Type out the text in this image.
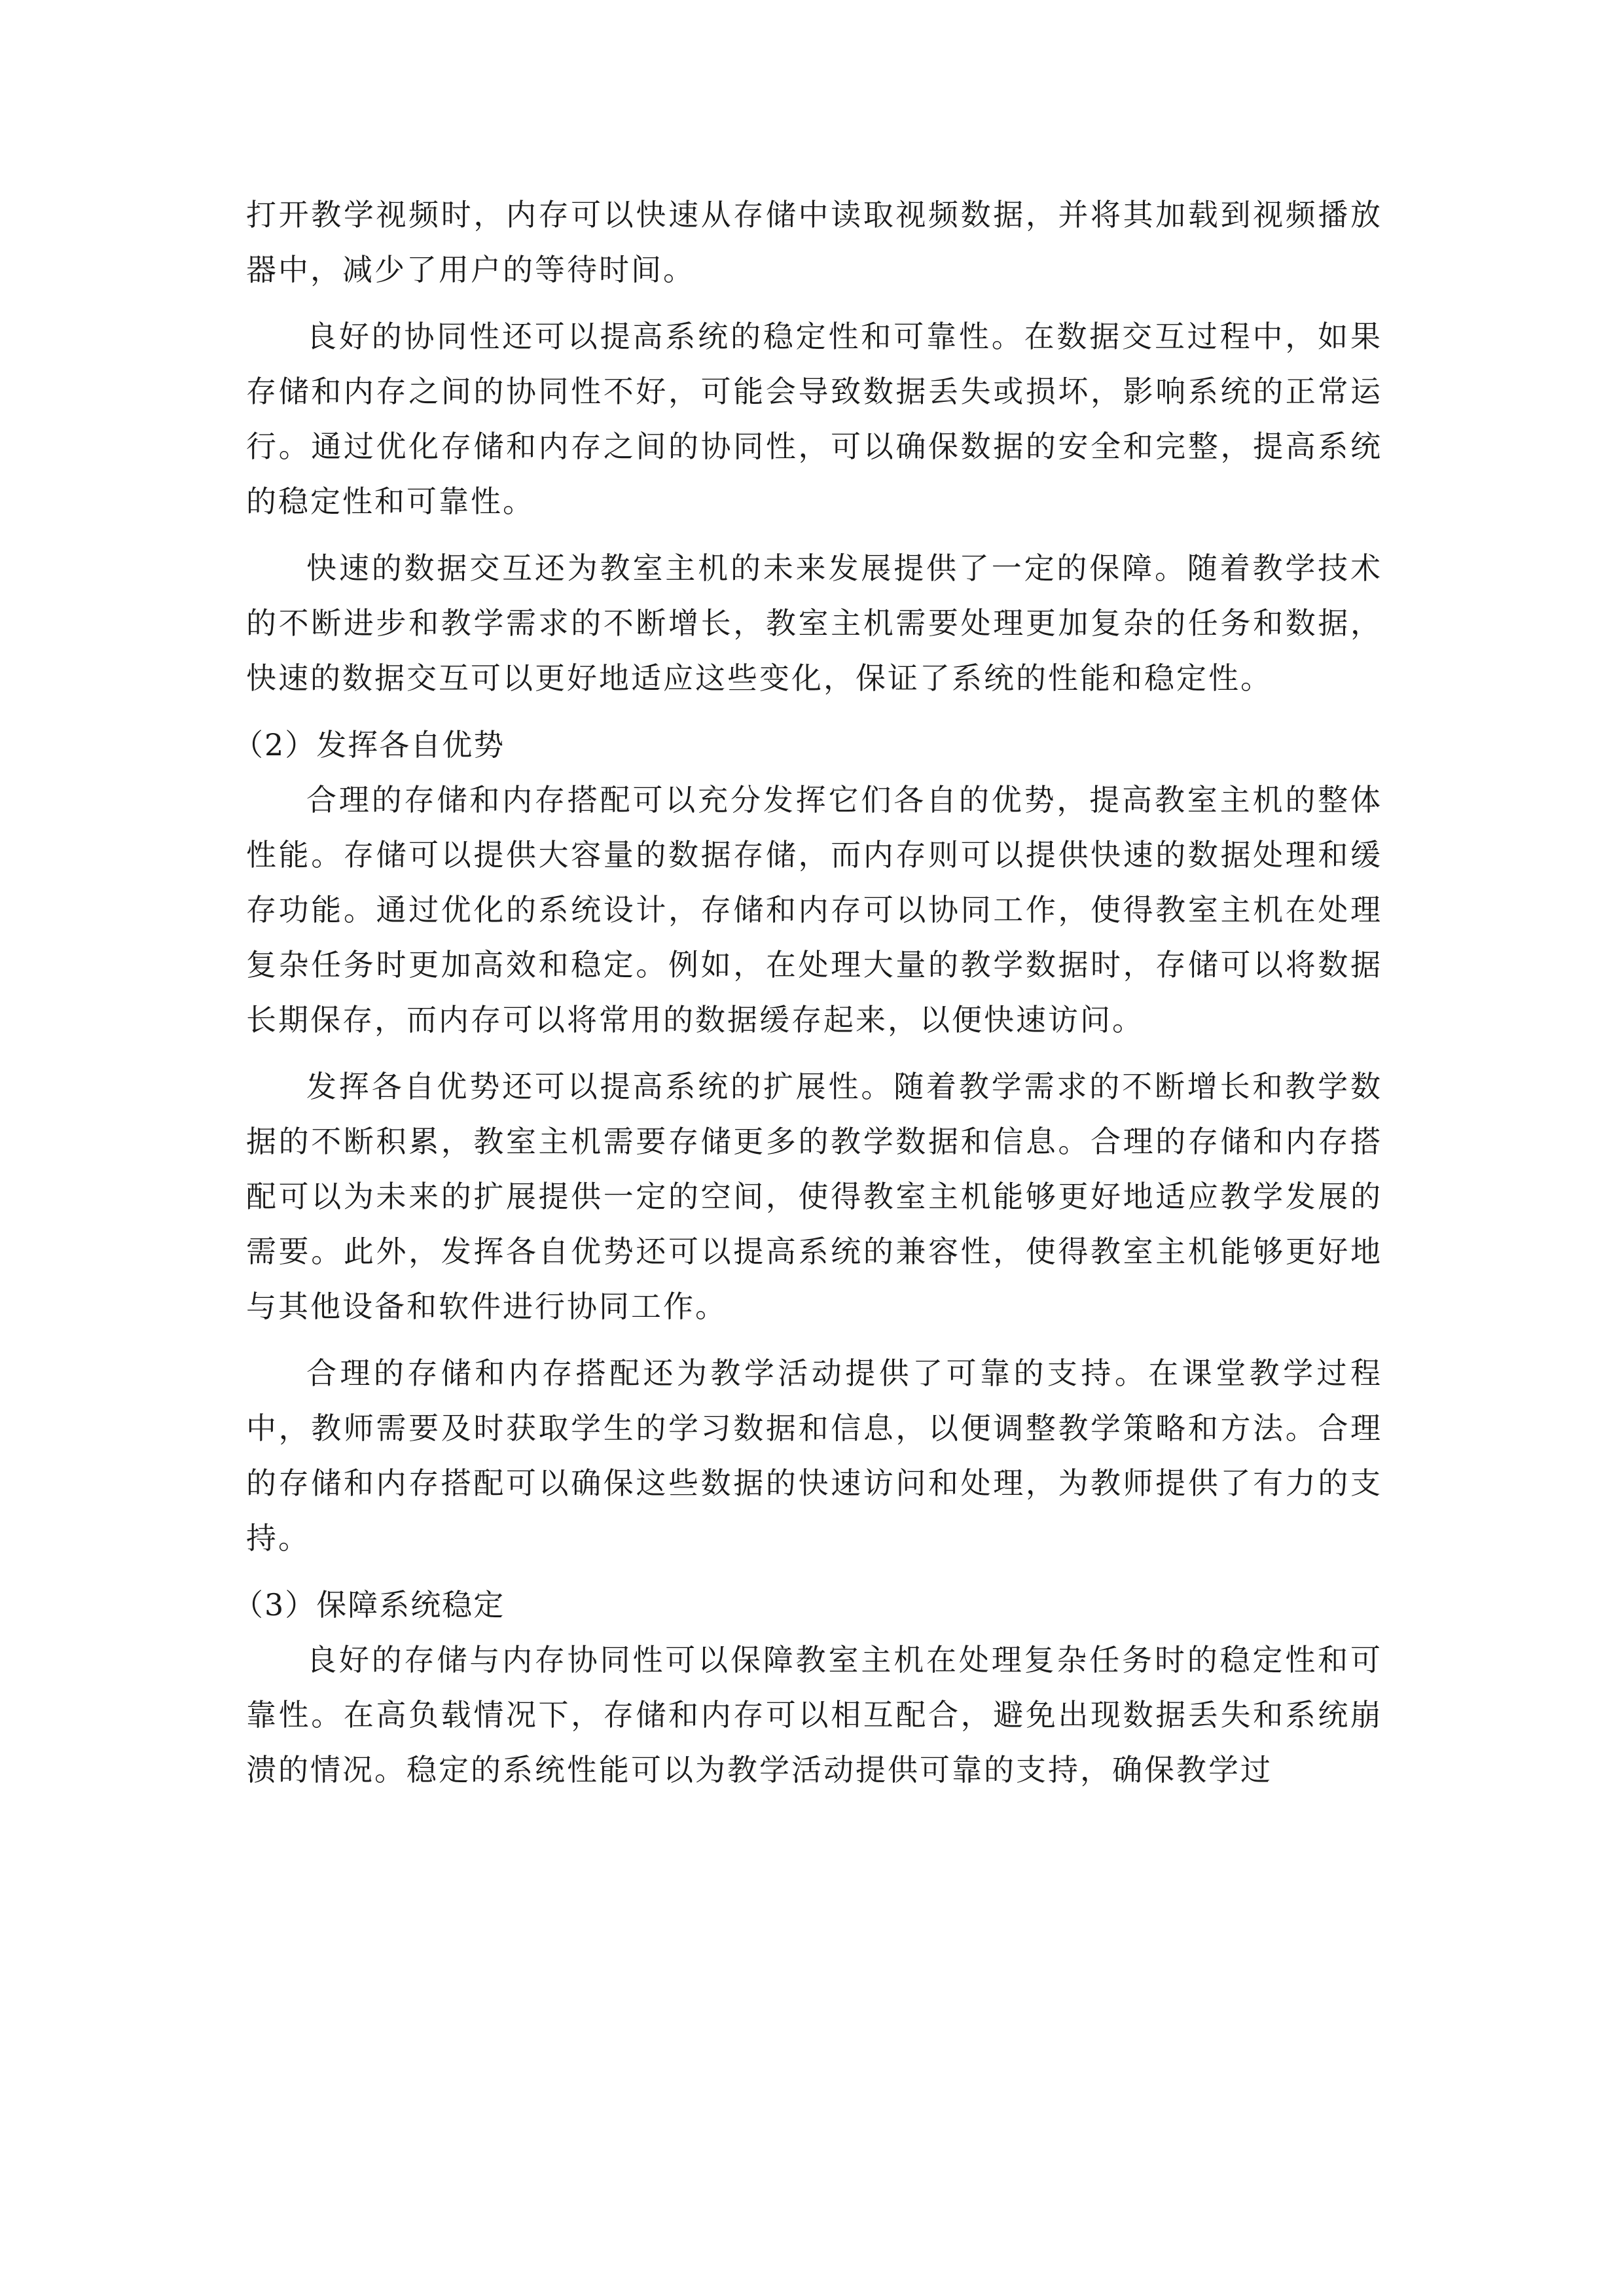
打开教学视频时，内存可以快速从存储中读取视频数据，并将其加载到视频播放器中，减少了用户的等待时间。

良好的协同性还可以提高系统的稳定性和可靠性。在数据交互过程中，如果存储和内存之间的协同性不好，可能会导致数据丢失或损坏，影响系统的正常运行。通过优化存储和内存之间的协同性，可以确保数据的安全和完整，提高系统的稳定性和可靠性。

快速的数据交互还为教室主机的未来发展提供了一定的保障。随着教学技术的不断进步和教学需求的不断增长，教室主机需要处理更加复杂的任务和数据，快速的数据交互可以更好地适应这些变化，保证了系统的性能和稳定性。

（2）发挥各自优势

合理的存储和内存搭配可以充分发挥它们各自的优势，提高教室主机的整体性能。存储可以提供大容量的数据存储，而内存则可以提供快速的数据处理和缓存功能。通过优化的系统设计，存储和内存可以协同工作，使得教室主机在处理复杂任务时更加高效和稳定。例如，在处理大量的教学数据时，存储可以将数据长期保存，而内存可以将常用的数据缓存起来，以便快速访问。

发挥各自优势还可以提高系统的扩展性。随着教学需求的不断增长和教学数据的不断积累，教室主机需要存储更多的教学数据和信息。合理的存储和内存搭配可以为未来的扩展提供一定的空间，使得教室主机能够更好地适应教学发展的需要。此外，发挥各自优势还可以提高系统的兼容性，使得教室主机能够更好地与其他设备和软件进行协同工作。

合理的存储和内存搭配还为教学活动提供了可靠的支持。在课堂教学过程中，教师需要及时获取学生的学习数据和信息，以便调整教学策略和方法。合理的存储和内存搭配可以确保这些数据的快速访问和处理，为教师提供了有力的支持。

（3）保障系统稳定

良好的存储与内存协同性可以保障教室主机在处理复杂任务时的稳定性和可靠性。在高负载情况下，存储和内存可以相互配合，避免出现数据丢失和系统崩溃的情况。稳定的系统性能可以为教学活动提供可靠的支持，确保教学过
